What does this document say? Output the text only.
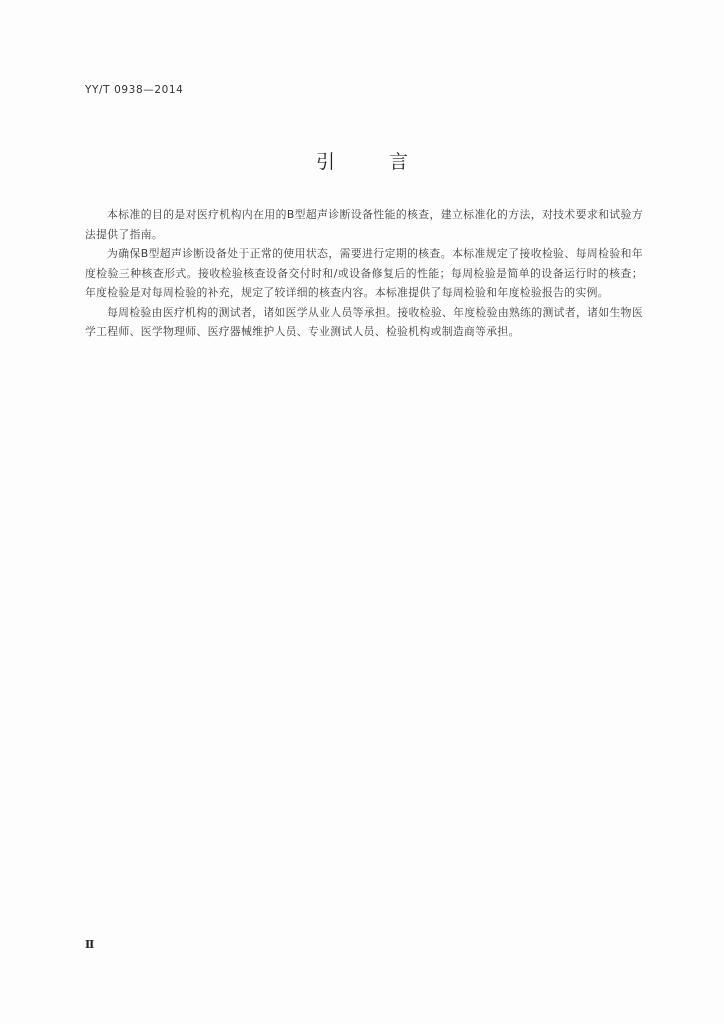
YY/T 0938—2014
引 言

本标准的目的是对医疗机构内在用的B型超声诊断设备性能的核查，建立标准化的方法，对技术要求和试验方法提供了指南。

为确保B型超声诊断设备处于正常的使用状态，需要进行定期的核查。本标准规定了接收检验、每周检验和年度检验三种核查形式。接收检验核查设备交付时和/或设备修复后的性能；每周检验是简单的设备运行时的核查；年度检验是对每周检验的补充，规定了较详细的核查内容。本标准提供了每周检验和年度检验报告的实例。

每周检验由医疗机构的测试者，诸如医学从业人员等承担。接收检验、年度检验由熟练的测试者，诸如生物医学工程师、医学物理师、医疗器械维护人员、专业测试人员、检验机构或制造商等承担。

Ⅱ
